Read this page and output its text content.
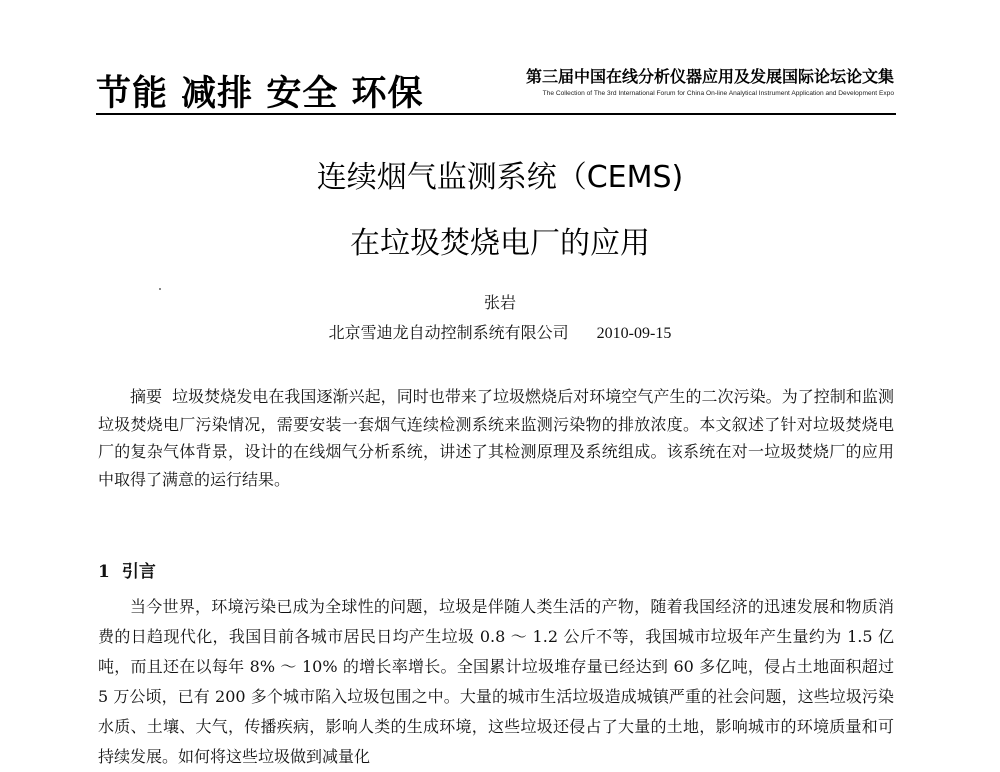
节能 减排 安全 环保	第三届中国在线分析仪器应用及发展国际论坛论文集
The Collection of The 3rd International Forum for China On-line Analytical Instrument Application and Development Expo
连续烟气监测系统（CEMS)
在垃圾焚烧电厂的应用
张岩
北京雪迪龙自动控制系统有限公司 2010-09-15

摘要 垃圾焚烧发电在我国逐渐兴起，同时也带来了垃圾燃烧后对环境空气产生的二次污染。为了控制和监测垃圾焚烧电厂污染情况，需要安装一套烟气连续检测系统来监测污染物的排放浓度。本文叙述了针对垃圾焚烧电厂的复杂气体背景，设计的在线烟气分析系统，讲述了其检测原理及系统组成。该系统在对一垃圾焚烧厂的应用中取得了满意的运行结果。

1 引言

当今世界，环境污染已成为全球性的问题，垃圾是伴随人类生活的产物，随着我国经济的迅速发展和物质消费的日趋现代化，我国目前各城市居民日均产生垃圾 0.8 ～ 1.2 公斤不等，我国城市垃圾年产生量约为 1.5 亿吨，而且还在以每年 8% ～ 10% 的增长率增长。全国累计垃圾堆存量已经达到 60 多亿吨，侵占土地面积超过 5 万公顷，已有 200 多个城市陷入垃圾包围之中。大量的城市生活垃圾造成城镇严重的社会问题，这些垃圾污染水质、土壤、大气，传播疾病，影响人类的生成环境，这些垃圾还侵占了大量的土地，影响城市的环境质量和可持续发展。如何将这些垃圾做到减量化
